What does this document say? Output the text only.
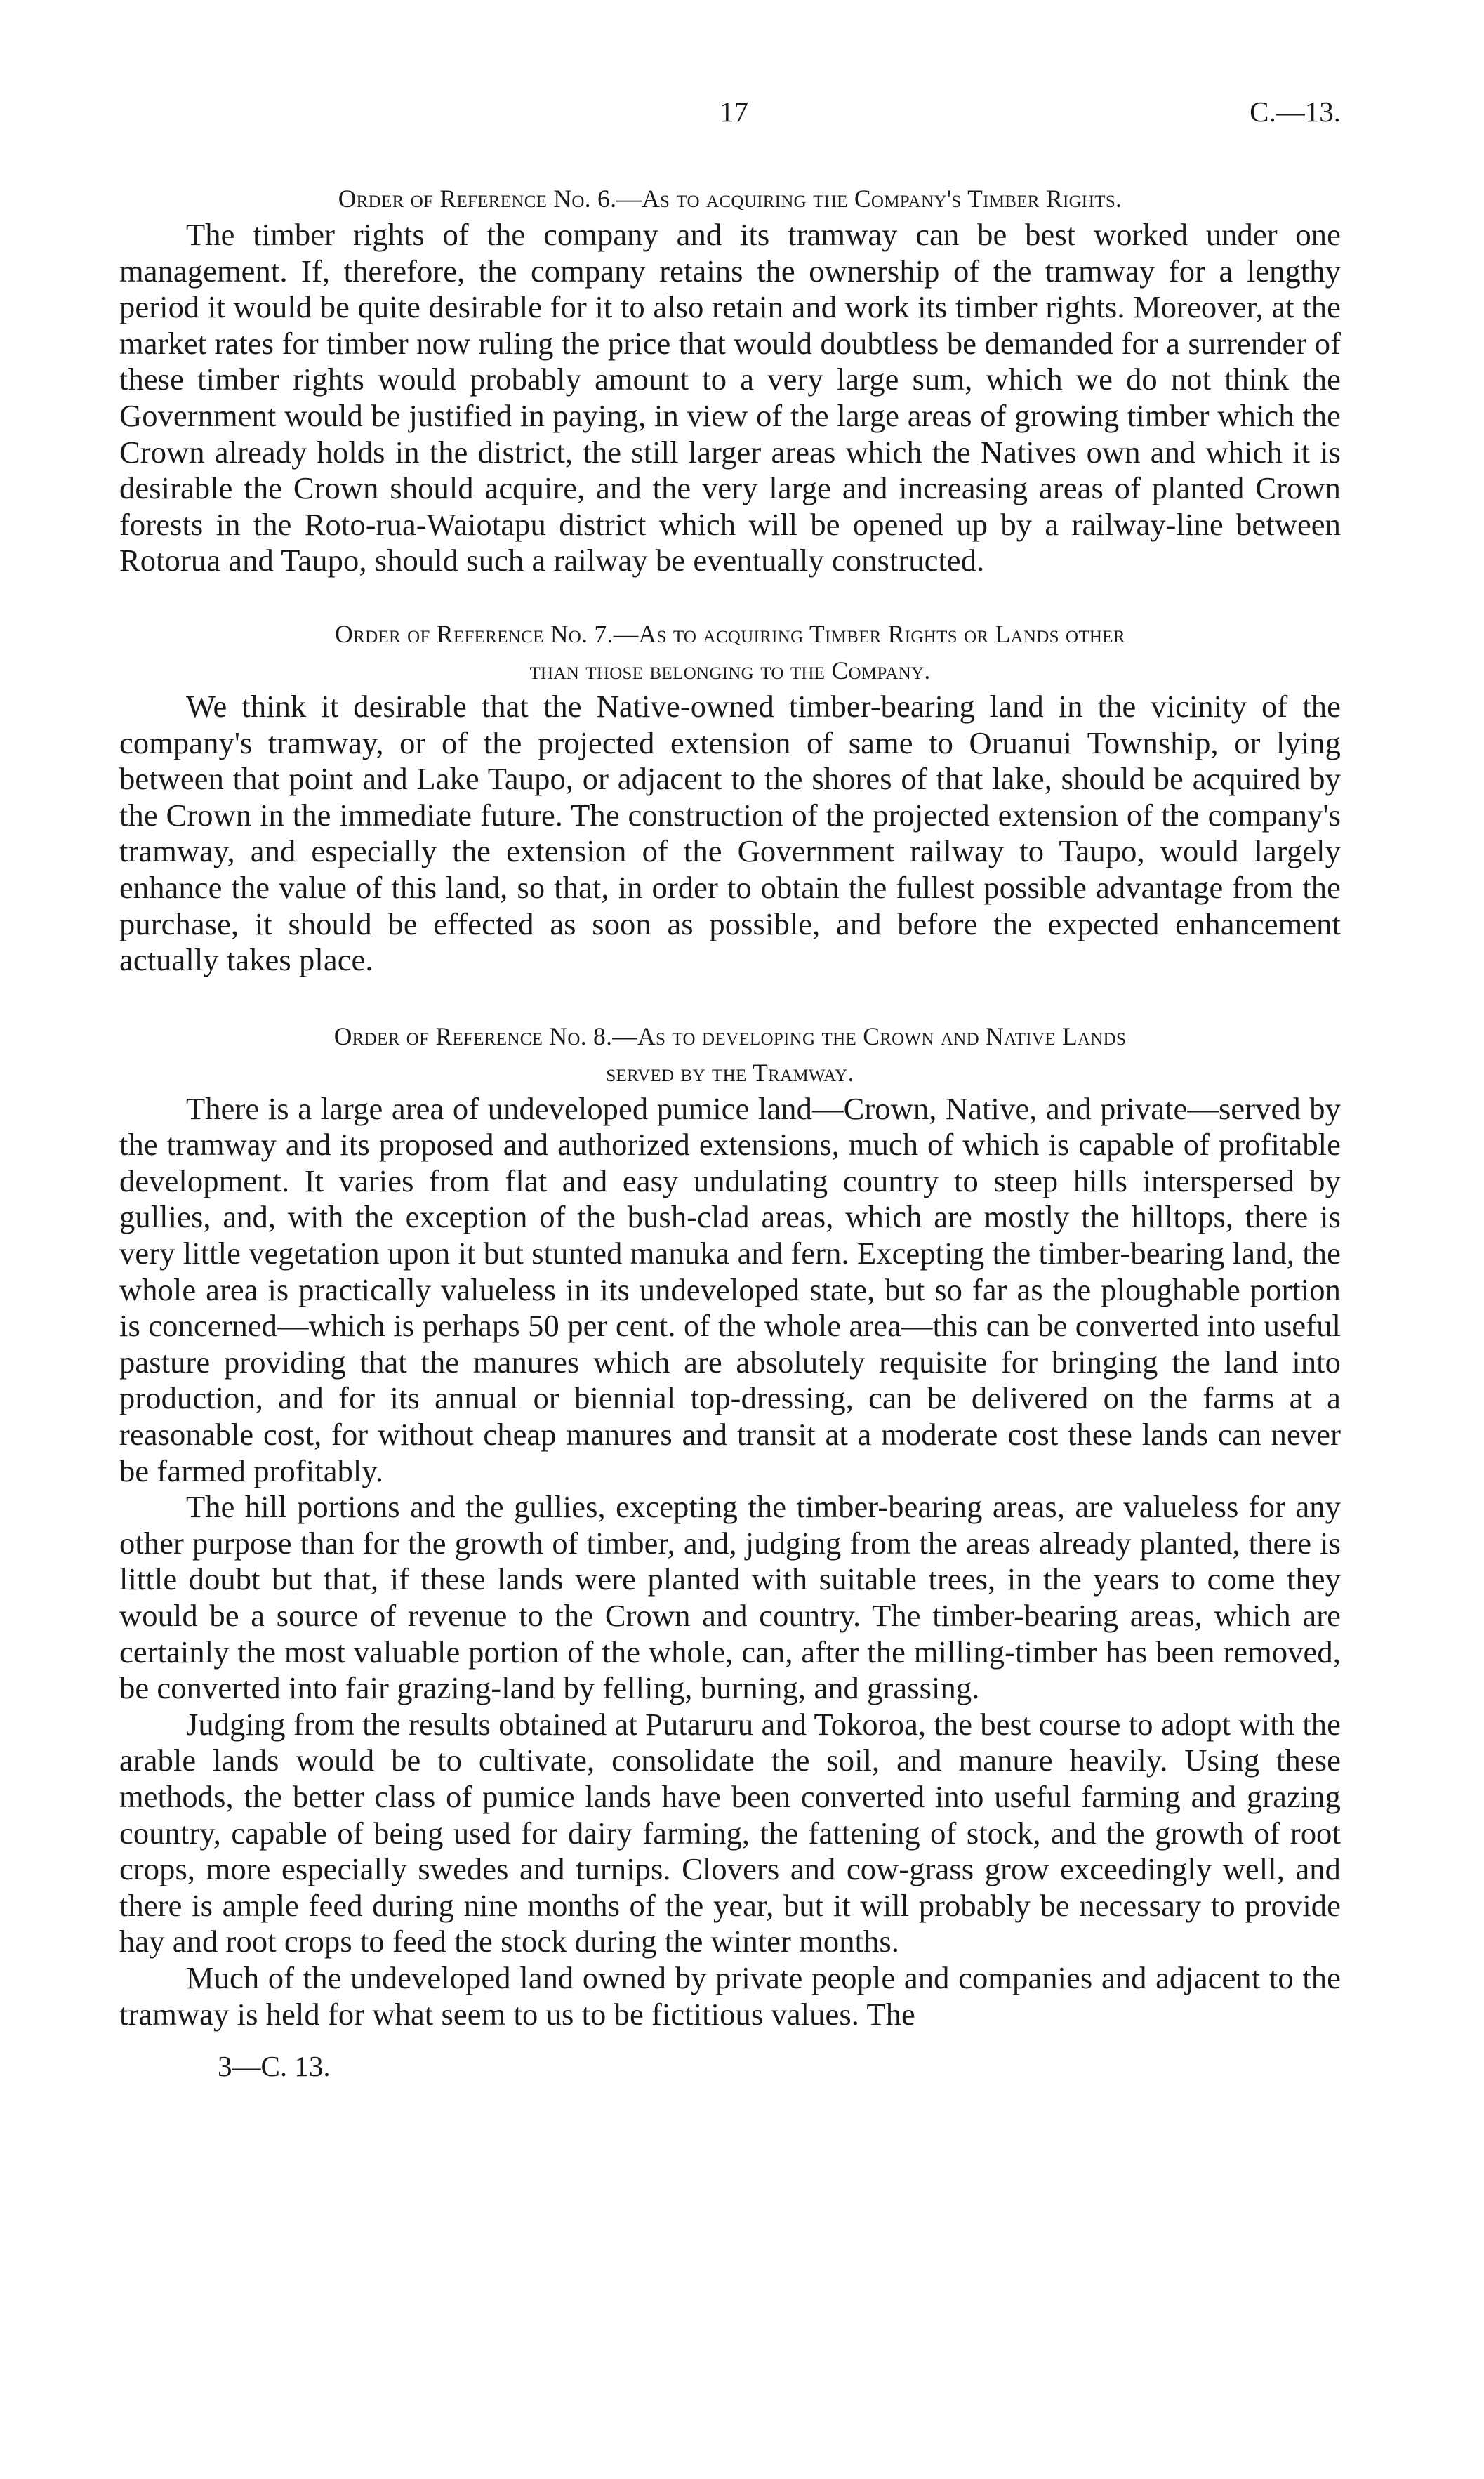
17	C.—13.
Order of Reference No. 6.—As to acquiring the Company's Timber Rights.

The timber rights of the company and its tramway can be best worked under one management. If, therefore, the company retains the ownership of the tramway for a lengthy period it would be quite desirable for it to also retain and work its timber rights. Moreover, at the market rates for timber now ruling the price that would doubtless be demanded for a surrender of these timber rights would probably amount to a very large sum, which we do not think the Government would be justified in paying, in view of the large areas of growing timber which the Crown already holds in the district, the still larger areas which the Natives own and which it is desirable the Crown should acquire, and the very large and increasing areas of planted Crown forests in the Roto-rua-Waiotapu district which will be opened up by a railway-line between Rotorua and Taupo, should such a railway be eventually constructed.

Order of Reference No. 7.—As to acquiring Timber Rights or Lands other
than those belonging to the Company.

We think it desirable that the Native-owned timber-bearing land in the vicinity of the company's tramway, or of the projected extension of same to Oruanui Township, or lying between that point and Lake Taupo, or adjacent to the shores of that lake, should be acquired by the Crown in the immediate future. The construction of the projected extension of the company's tramway, and especially the extension of the Government railway to Taupo, would largely enhance the value of this land, so that, in order to obtain the fullest possible advantage from the purchase, it should be effected as soon as possible, and before the expected enhancement actually takes place.

Order of Reference No. 8.—As to developing the Crown and Native Lands
served by the Tramway.

There is a large area of undeveloped pumice land—Crown, Native, and private—served by the tramway and its proposed and authorized extensions, much of which is capable of profitable development. It varies from flat and easy undulating country to steep hills interspersed by gullies, and, with the exception of the bush-clad areas, which are mostly the hilltops, there is very little vegetation upon it but stunted manuka and fern. Excepting the timber-bearing land, the whole area is practically valueless in its undeveloped state, but so far as the ploughable portion is concerned—which is perhaps 50 per cent. of the whole area—this can be converted into useful pasture providing that the manures which are absolutely requisite for bringing the land into production, and for its annual or biennial top-dressing, can be delivered on the farms at a reasonable cost, for without cheap manures and transit at a moderate cost these lands can never be farmed profitably.

The hill portions and the gullies, excepting the timber-bearing areas, are valueless for any other purpose than for the growth of timber, and, judging from the areas already planted, there is little doubt but that, if these lands were planted with suitable trees, in the years to come they would be a source of revenue to the Crown and country. The timber-bearing areas, which are certainly the most valuable portion of the whole, can, after the milling-timber has been removed, be converted into fair grazing-land by felling, burning, and grassing.

Judging from the results obtained at Putaruru and Tokoroa, the best course to adopt with the arable lands would be to cultivate, consolidate the soil, and manure heavily. Using these methods, the better class of pumice lands have been converted into useful farming and grazing country, capable of being used for dairy farming, the fattening of stock, and the growth of root crops, more especially swedes and turnips. Clovers and cow-grass grow exceedingly well, and there is ample feed during nine months of the year, but it will probably be necessary to provide hay and root crops to feed the stock during the winter months.

Much of the undeveloped land owned by private people and companies and adjacent to the tramway is held for what seem to us to be fictitious values. The

3—C. 13.
